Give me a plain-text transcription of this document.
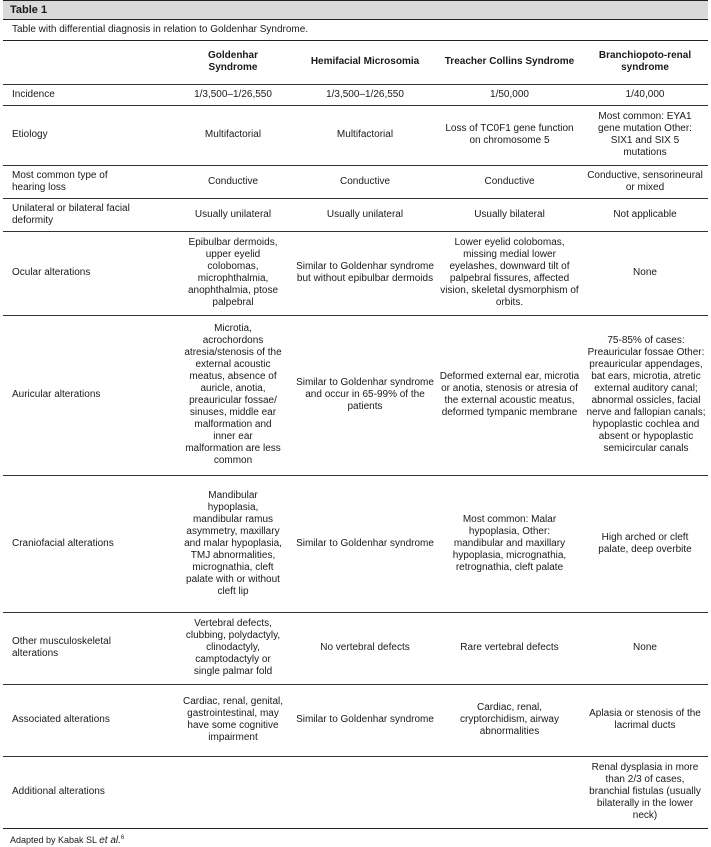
Table 1
Table with differential diagnosis in relation to Goldenhar Syndrome.
	Goldenhar Syndrome	Hemifacial Microsomia	Treacher Collins Syndrome	Branchiopoto-renal syndrome
Incidence	1/3,500–1/26,550	1/3,500–1/26,550	1/50,000	1/40,000
Etiology	Multifactorial	Multifactorial	Loss of TC0F1 gene function on chromosome 5	Most common: EYA1 gene mutation Other: SIX1 and SIX 5 mutations
Most common type of hearing loss	Conductive	Conductive	Conductive	Conductive, sensorineural or mixed
Unilateral or bilateral facial deformity	Usually unilateral	Usually unilateral	Usually bilateral	Not applicable
Ocular alterations	Epibulbar dermoids, upper eyelid colobomas, microphthalmia, anophthalmia, ptose palpebral	Similar to Goldenhar syndrome but without epibulbar dermoids	Lower eyelid colobomas, missing medial lower eyelashes, downward tilt of palpebral fissures, affected vision, skeletal dysmorphism of orbits.	None
Auricular alterations	Microtia, acrochordons atresia/stenosis of the external acoustic meatus, absence of auricle, anotia, preauricular fossae/ sinuses, middle ear malformation and inner ear malformation are less common	Similar to Goldenhar syndrome and occur in 65-99% of the patients	Deformed external ear, microtia or anotia, stenosis or atresia of the external acoustic meatus, deformed tympanic membrane	75-85% of cases: Preauricular fossae Other: preauricular appendages, bat ears, microtia, atretic external auditory canal; abnormal ossicles, facial nerve and fallopian canals; hypoplastic cochlea and absent or hypoplastic semicircular canals
Craniofacial alterations	Mandibular hypoplasia, mandibular ramus asymmetry, maxillary and malar hypoplasia, TMJ abnormalities, micrognathia, cleft palate with or without cleft lip	Similar to Goldenhar syndrome	Most common: Malar hypoplasia, Other: mandibular and maxillary hypoplasia, micrognathia, retrognathia, cleft palate	High arched or cleft palate, deep overbite
Other musculoskeletal alterations	Vertebral defects, clubbing, polydactyly, clinodactyly, camptodactyly or single palmar fold	No vertebral defects	Rare vertebral defects	None
Associated alterations	Cardiac, renal, genital, gastrointestinal, may have some cognitive impairment	Similar to Goldenhar syndrome	Cardiac, renal, cryptorchidism, airway abnormalities	Aplasia or stenosis of the lacrimal ducts
Additional alterations				Renal dysplasia in more than 2/3 of cases, branchial fistulas (usually bilaterally in the lower neck)
Adapted by Kabak SL et al.$^6$
